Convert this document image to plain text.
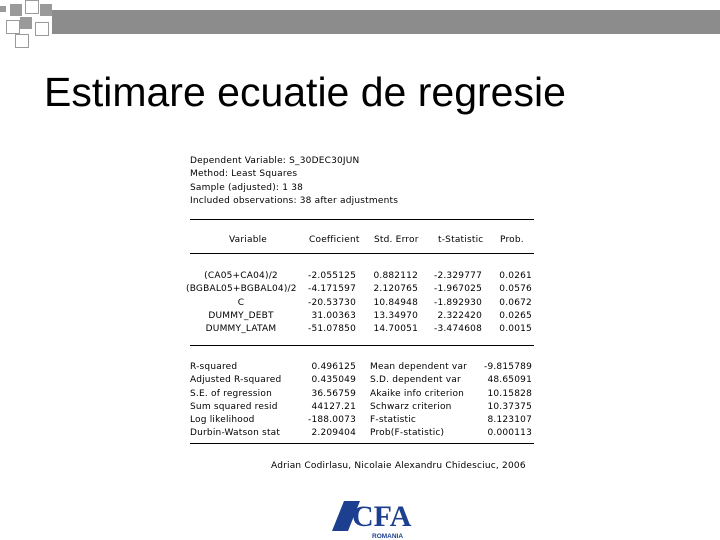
Estimare ecuatie de regresie
Dependent Variable: S_30DEC30JUN
Method: Least Squares
Sample (adjusted): 1 38
Included observations: 38 after adjustments
Variable	Coefficient Std. Error t-Statistic Prob.
(CA05+CA04)/2
(BGBAL05+BGBAL04)/2
C
DUMMY_DEBT
DUMMY_LATAM
-2.055125
-4.171597
-20.53730
31.00363
-51.07850
0.882112
2.120765
10.84948
13.34970
14.70051
-2.329777
-1.967025
-1.892930
2.322420
-3.474608
0.0261
0.0576
0.0672
0.0265
0.0015
R-squared
Adjusted R-squared
S.E. of regression
Sum squared resid
Log likelihood
Durbin-Watson stat
0.496125
0.435049
36.56759
44127.21
-188.0073
2.209404
Mean dependent var
S.D. dependent var
Akaike info criterion
Schwarz criterion
F-statistic
Prob(F-statistic)
-9.815789
48.65091
10.15828
10.37375
8.123107
0.000113
Adrian Codirlasu, Nicolaie Alexandru Chidesciuc, 2006
CFA
ROMANIA
